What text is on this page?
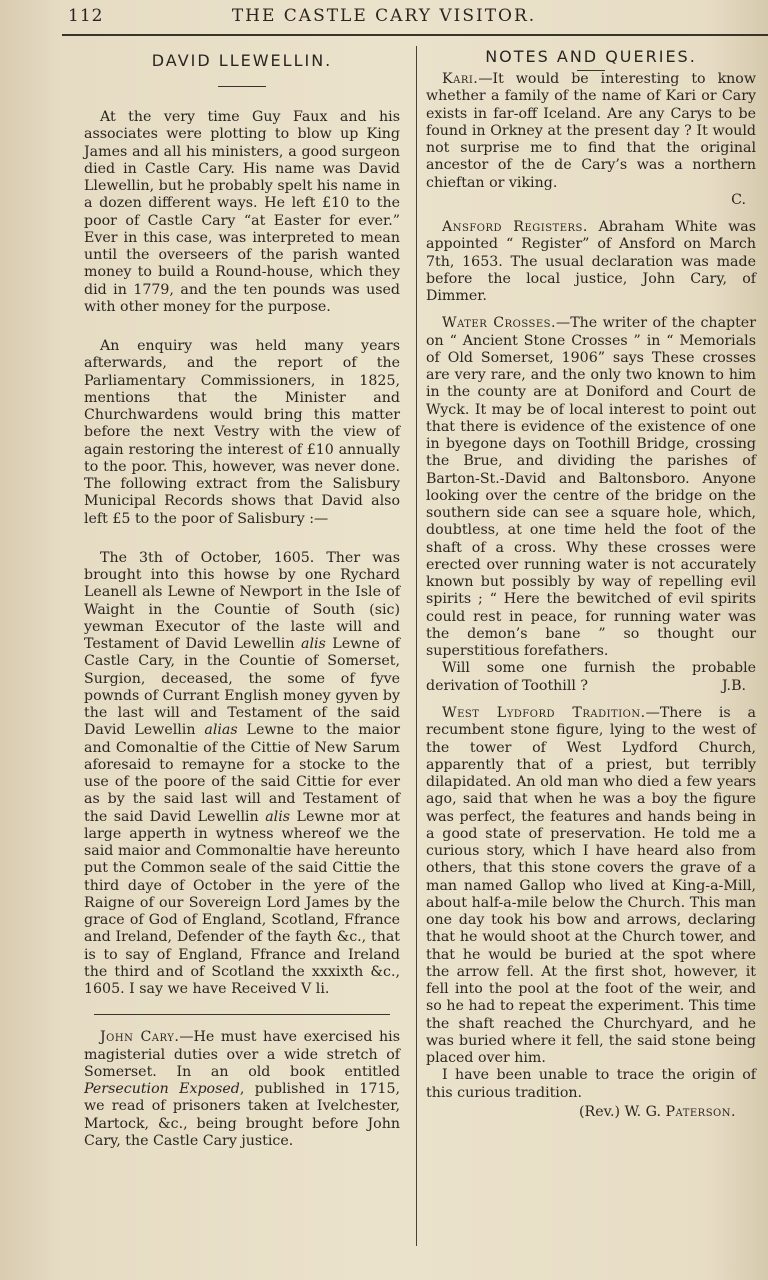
112	THE CASTLE CARY VISITOR.
DAVID LLEWELLIN.

At the very time Guy Faux and his associates were plotting to blow up King James and all his ministers, a good surgeon died in Castle Cary. His name was David Llewellin, but he probably spelt his name in a dozen different ways. He left £10 to the poor of Castle Cary “at Easter for ever.” Ever in this case, was interpreted to mean until the overseers of the parish wanted money to build a Round-house, which they did in 1779, and the ten pounds was used with other money for the purpose.

An enquiry was held many years afterwards, and the report of the Parliamentary Commissioners, in 1825, mentions that the Minister and Churchwardens would bring this matter before the next Vestry with the view of again restoring the interest of £10 annually to the poor. This, however, was never done. The following extract from the Salisbury Municipal Records shows that David also left £5 to the poor of Salisbury :—

The 3th of October, 1605. Ther was brought into this howse by one Rychard Leanell als Lewne of Newport in the Isle of Waight in the Countie of South (sic) yewman Executor of the laste will and Testament of David Lewellin alis Lewne of Castle Cary, in the Countie of Somerset, Surgion, deceased, the some of fyve pownds of Currant English money gyven by the last will and Testament of the said David Lewellin alias Lewne to the maior and Comonaltie of the Cittie of New Sarum aforesaid to remayne for a stocke to the use of the poore of the said Cittie for ever as by the said last will and Testament of the said David Lewellin alis Lewne mor at large apperth in wytness whereof we the said maior and Commonaltie have hereunto put the Common seale of the said Cittie the third daye of October in the yere of the Raigne of our Sovereign Lord James by the grace of God of England, Scotland, Ffrance and Ireland, Defender of the fayth &c., that is to say of England, Ffrance and Ireland the third and of Scotland the xxxixth &c., 1605. I say we have Received V li.

John Cary.—He must have exercised his magisterial duties over a wide stretch of Somerset. In an old book entitled Persecution Exposed, published in 1715, we read of prisoners taken at Ivelchester, Martock, &c., being brought before John Cary, the Castle Cary justice.

NOTES AND QUERIES.

Kari.—It would be interesting to know whether a family of the name of Kari or Cary exists in far-off Iceland. Are any Carys to be found in Orkney at the present day ? It would not surprise me to find that the original ancestor of the de Cary’s was a northern chieftan or viking.
C.

Ansford Registers. Abraham White was appointed “ Register” of Ansford on March 7th, 1653. The usual declaration was made before the local justice, John Cary, of Dimmer.

Water Crosses.—The writer of the chapter on “ Ancient Stone Crosses ” in “ Memorials of Old Somerset, 1906” says These crosses are very rare, and the only two known to him in the county are at Doniford and Court de Wyck. It may be of local interest to point out that there is evidence of the existence of one in byegone days on Toothill Bridge, crossing the Brue, and dividing the parishes of Barton-St.-David and Baltonsboro. Anyone looking over the centre of the bridge on the southern side can see a square hole, which, doubtless, at one time held the foot of the shaft of a cross. Why these crosses were erected over running water is not accurately known but possibly by way of repelling evil spirits ; “ Here the bewitched of evil spirits could rest in peace, for running water was the demon’s bane ” so thought our superstitious forefathers.

Will some one furnish the probable derivation of Toothill ?	J.B.

West Lydford Tradition.—There is a recumbent stone figure, lying to the west of the tower of West Lydford Church, apparently that of a priest, but terribly dilapidated. An old man who died a few years ago, said that when he was a boy the figure was perfect, the features and hands being in a good state of preservation. He told me a curious story, which I have heard also from others, that this stone covers the grave of a man named Gallop who lived at King-a-Mill, about half-a-mile below the Church. This man one day took his bow and arrows, declaring that he would shoot at the Church tower, and that he would be buried at the spot where the arrow fell. At the first shot, however, it fell into the pool at the foot of the weir, and so he had to repeat the experiment. This time the shaft reached the Churchyard, and he was buried where it fell, the said stone being placed over him.

I have been unable to trace the origin of this curious tradition.

(Rev.) W. G. Paterson.
